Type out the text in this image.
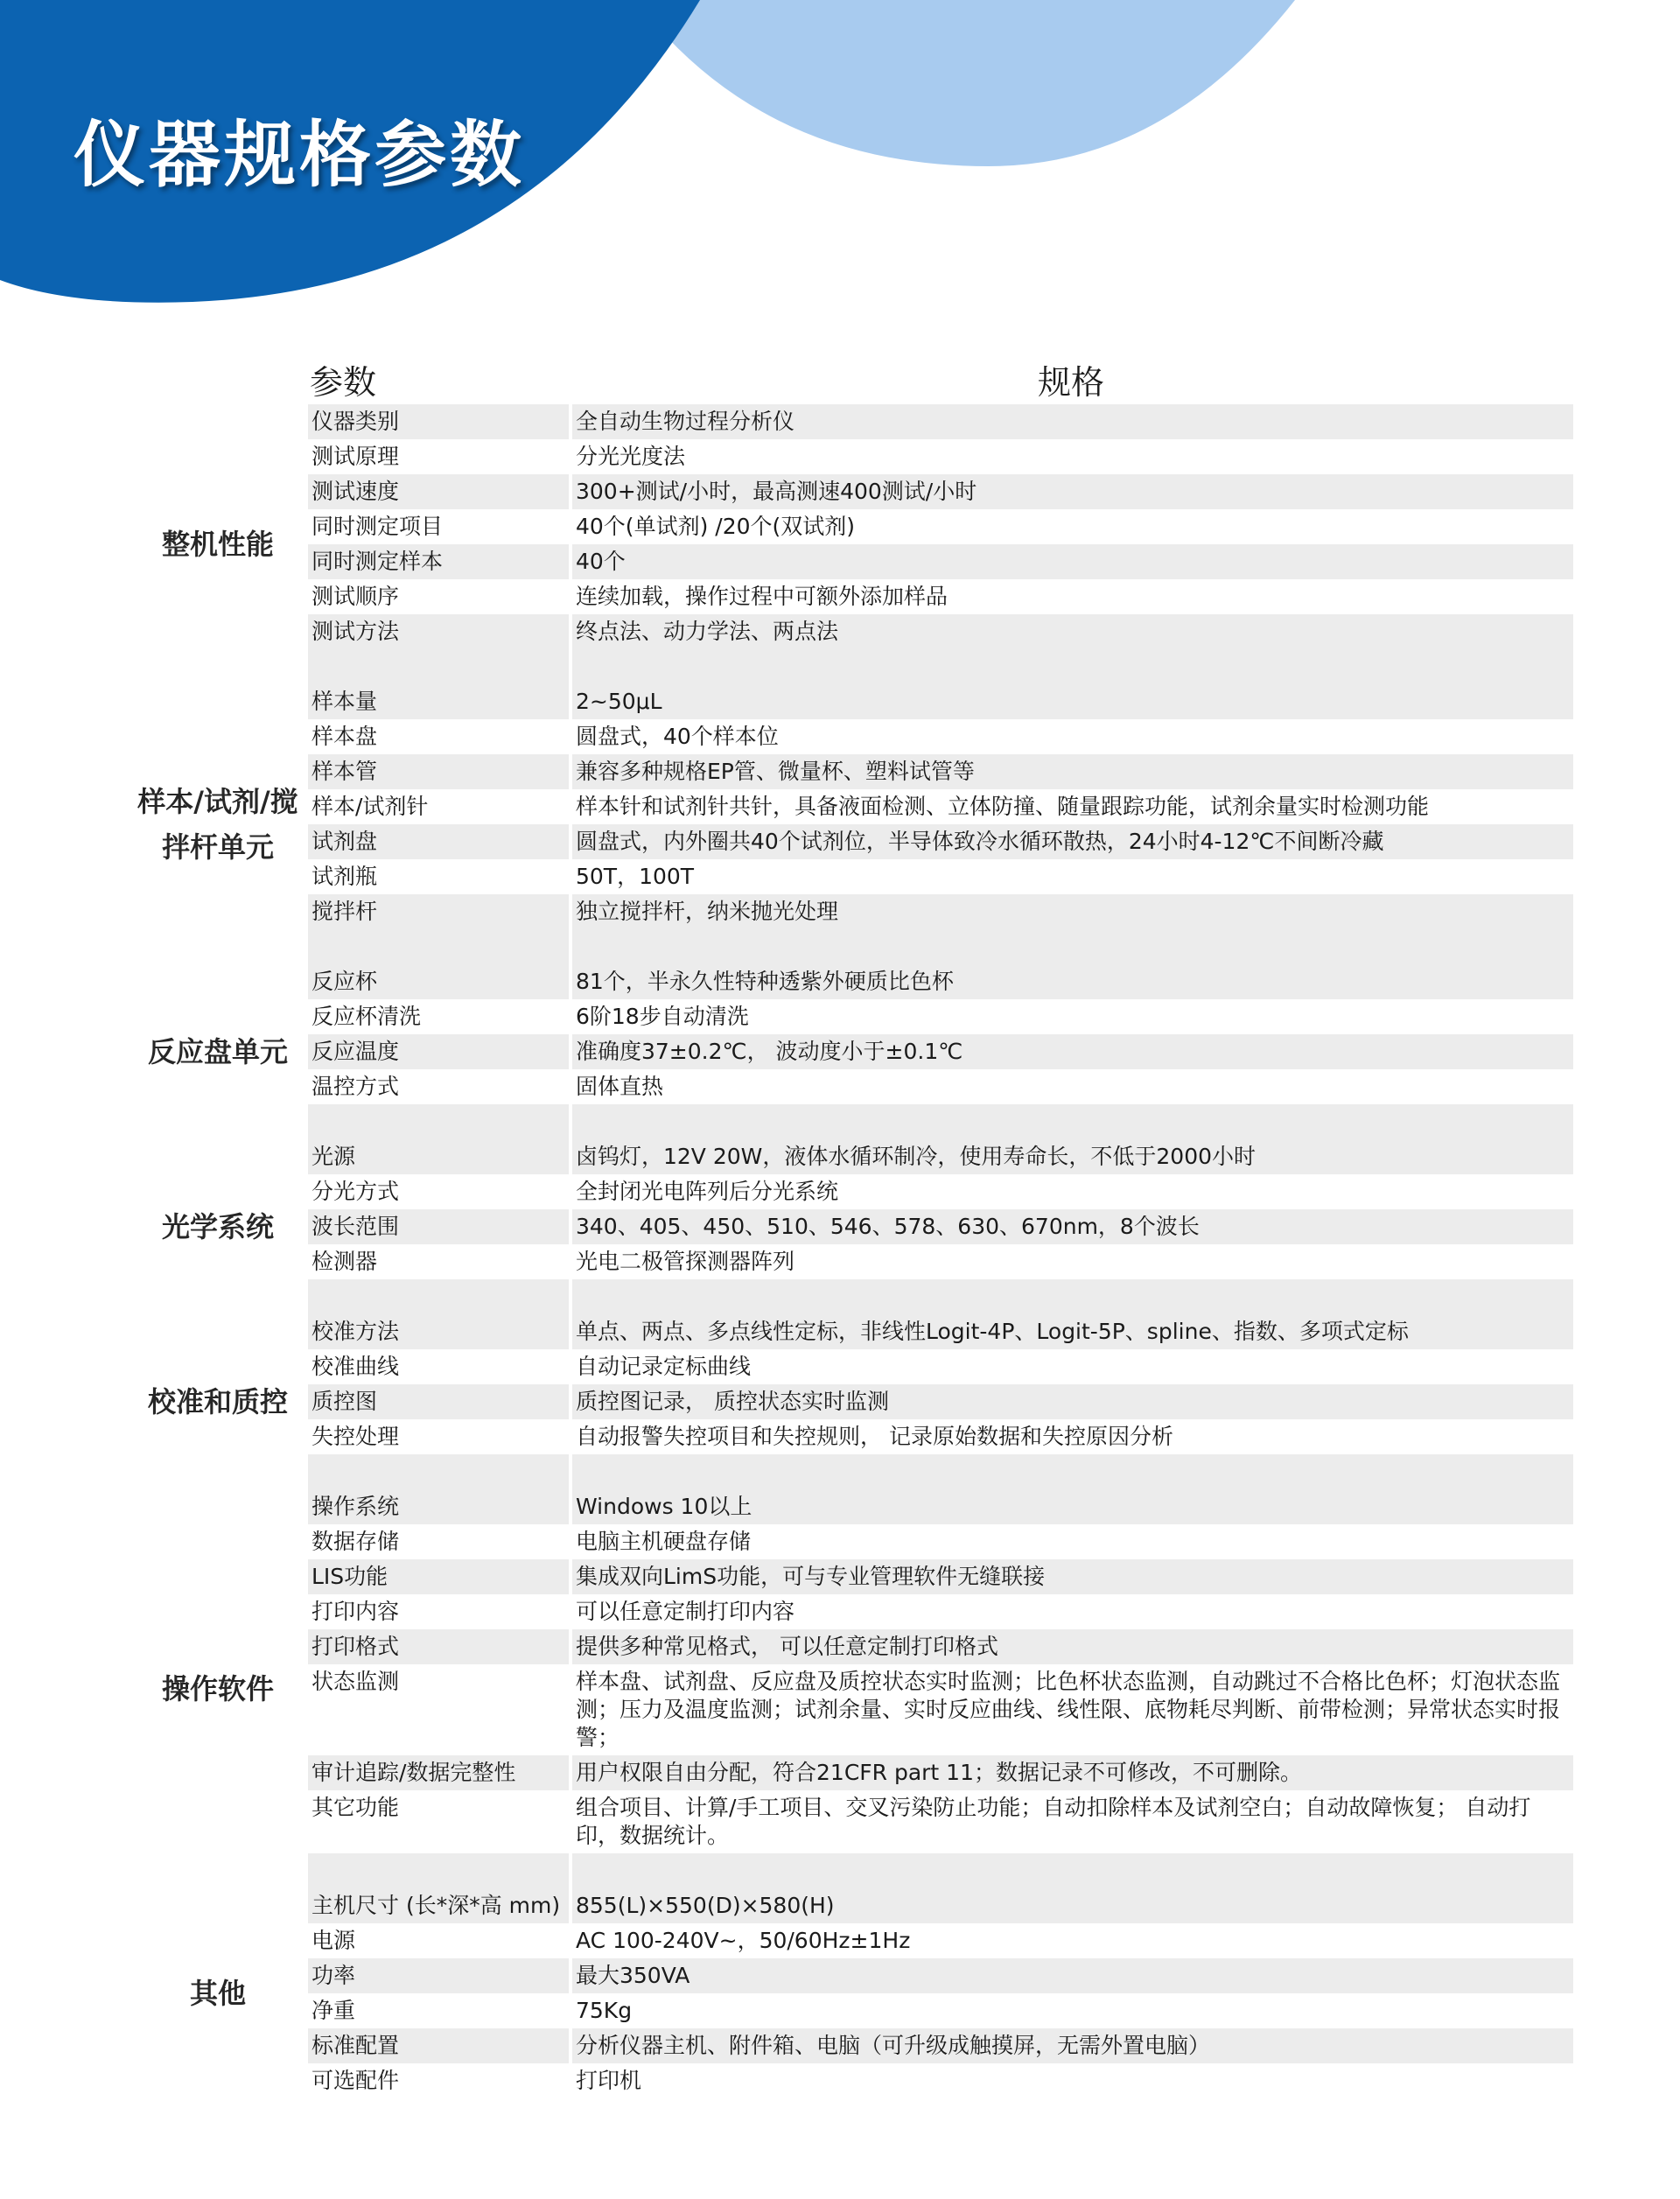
仪器规格参数
参数	规格
整机性能
仪器类别	全自动生物过程分析仪
测试原理	分光光度法
测试速度	300+测试/小时，最高测速400测试/小时
同时测定项目	40个(单试剂) /20个(双试剂)
同时测定样本	40个
测试顺序	连续加载，操作过程中可额外添加样品
测试方法	终点法、动力学法、两点法
样本/试剂/搅拌杆单元
样本量	2~50μL
样本盘	圆盘式，40个样本位
样本管	兼容多种规格EP管、微量杯、塑料试管等
样本/试剂针	样本针和试剂针共针，具备液面检测、立体防撞、随量跟踪功能，试剂余量实时检测功能
试剂盘	圆盘式，内外圈共40个试剂位，半导体致冷水循环散热，24小时4-12℃不间断冷藏
试剂瓶	50T，100T
搅拌杆	独立搅拌杆，纳米抛光处理
反应盘单元
反应杯	81个，半永久性特种透紫外硬质比色杯
反应杯清洗	6阶18步自动清洗
反应温度	准确度37±0.2℃， 波动度小于±0.1℃
温控方式	固体直热
光学系统
光源	卤钨灯，12V 20W，液体水循环制冷，使用寿命长，不低于2000小时
分光方式	全封闭光电阵列后分光系统
波长范围	340、405、450、510、546、578、630、670nm，8个波长
检测器	光电二极管探测器阵列
校准和质控
校准方法	单点、两点、多点线性定标，非线性Logit-4P、Logit-5P、spline、指数、多项式定标
校准曲线	自动记录定标曲线
质控图	质控图记录， 质控状态实时监测
失控处理	自动报警失控项目和失控规则， 记录原始数据和失控原因分析
操作软件
操作系统	Windows 10以上
数据存储	电脑主机硬盘存储
LIS功能	集成双向LimS功能，可与专业管理软件无缝联接
打印内容	可以任意定制打印内容
打印格式	提供多种常见格式， 可以任意定制打印格式
状态监测	样本盘、试剂盘、反应盘及质控状态实时监测；比色杯状态监测，自动跳过不合格比色杯；灯泡状态监测；压力及温度监测；试剂余量、实时反应曲线、线性限、底物耗尽判断、前带检测；异常状态实时报警；
审计追踪/数据完整性	用户权限自由分配，符合21CFR part 11；数据记录不可修改，不可删除。
其它功能	组合项目、计算/手工项目、交叉污染防止功能；自动扣除样本及试剂空白；自动故障恢复； 自动打印，数据统计。
其他
主机尺寸 (长*深*高 mm) 855(L)×550(D)×580(H)
电源	AC 100-240V~，50/60Hz±1Hz
功率	最大350VA
净重	75Kg
标准配置	分析仪器主机、附件箱、电脑（可升级成触摸屏，无需外置电脑）
可选配件	打印机
